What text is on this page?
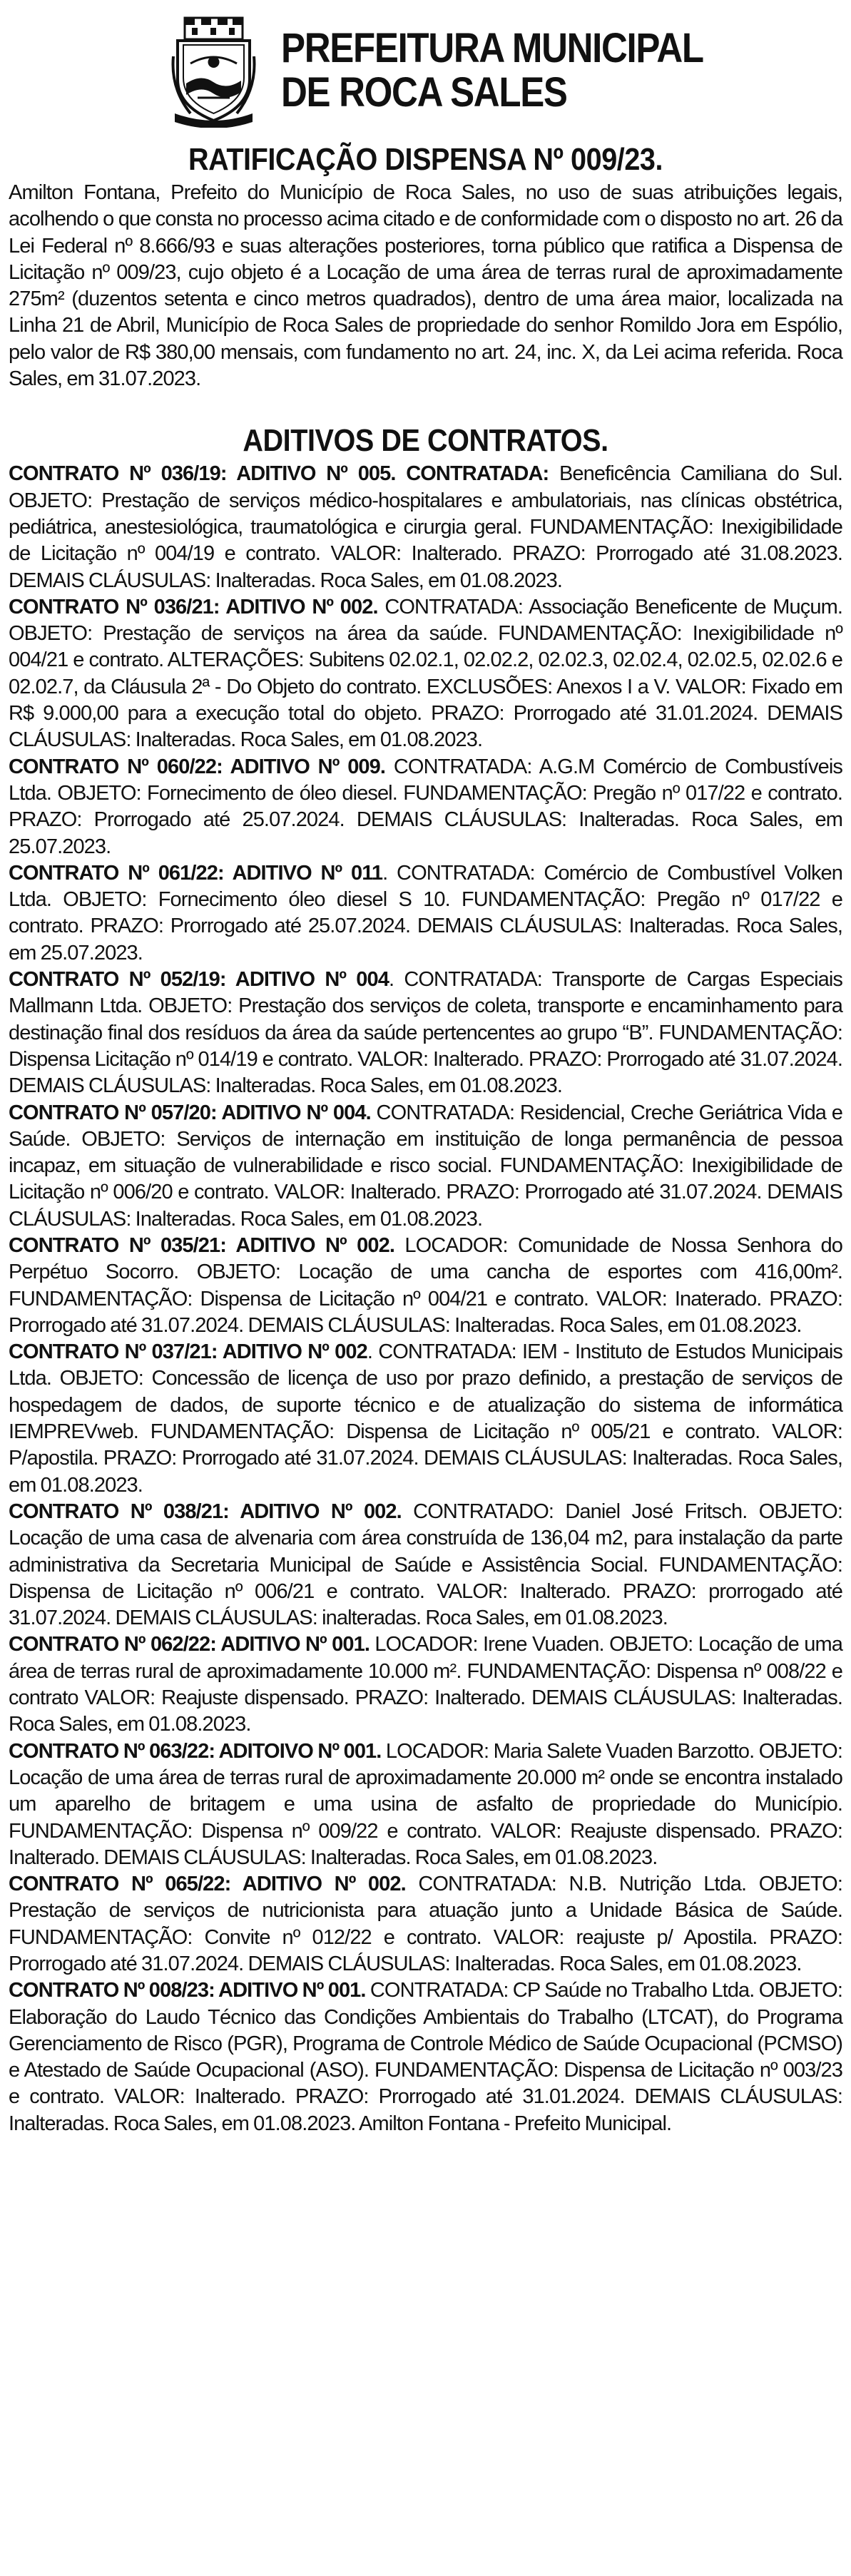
PREFEITURA MUNICIPAL
DE ROCA SALES
RATIFICAÇÃO DISPENSA Nº 009/23.
Amilton Fontana, Prefeito do Município de Roca Sales, no uso de suas atribuições legais, acolhendo o que consta no processo acima citado e de conformidade com o disposto no art. 26 da Lei Federal nº 8.666/93 e suas alterações posteriores, torna público que ratifica a Dispensa de Licitação nº 009/23, cujo objeto é a Locação de uma área de terras rural de aproximadamente 275m² (duzentos setenta e cinco metros quadrados), dentro de uma área maior, localizada na Linha 21 de Abril, Município de Roca Sales de propriedade do senhor Romildo Jora em Espólio, pelo valor de R$ 380,00 mensais, com fundamento no art. 24, inc. X, da Lei acima referida. Roca Sales, em 31.07.2023.
ADITIVOS DE CONTRATOS.
CONTRATO Nº 036/19: ADITIVO Nº 005. CONTRATADA: Beneficência Camiliana do Sul. OBJETO: Prestação de serviços médico-hospitalares e ambulatoriais, nas clínicas obstétrica, pediátrica, anestesiológica, traumatológica e cirurgia geral. FUNDAMENTAÇÃO: Inexigibilidade de Licitação nº 004/19 e contrato. VALOR: Inalterado. PRAZO: Prorrogado até 31.08.2023. DEMAIS CLÁUSULAS: Inalteradas. Roca Sales, em 01.08.2023.
CONTRATO Nº 036/21: ADITIVO Nº 002. CONTRATADA: Associação Beneficente de Muçum. OBJETO: Prestação de serviços na área da saúde. FUNDAMENTAÇÃO: Inexigibilidade nº 004/21 e contrato. ALTERAÇÕES: Subitens 02.02.1, 02.02.2, 02.02.3, 02.02.4, 02.02.5, 02.02.6 e 02.02.7, da Cláusula 2ª - Do Objeto do contrato. EXCLUSÕES: Anexos I a V. VALOR: Fixado em R$ 9.000,00 para a execução total do objeto. PRAZO: Prorrogado até 31.01.2024. DEMAIS CLÁUSULAS: Inalteradas. Roca Sales, em 01.08.2023.
CONTRATO Nº 060/22: ADITIVO Nº 009. CONTRATADA: A.G.M Comércio de Combustíveis Ltda. OBJETO: Fornecimento de óleo diesel. FUNDAMENTAÇÃO: Pregão nº 017/22 e contrato. PRAZO: Prorrogado até 25.07.2024. DEMAIS CLÁUSULAS: Inalteradas. Roca Sales, em 25.07.2023.
CONTRATO Nº 061/22: ADITIVO Nº 011. CONTRATADA: Comércio de Combustível Volken Ltda. OBJETO: Fornecimento óleo diesel S 10. FUNDAMENTAÇÃO: Pregão nº 017/22 e contrato. PRAZO: Prorrogado até 25.07.2024. DEMAIS CLÁUSULAS: Inalteradas. Roca Sales, em 25.07.2023.
CONTRATO Nº 052/19: ADITIVO Nº 004. CONTRATADA: Transporte de Cargas Especiais Mallmann Ltda. OBJETO: Prestação dos serviços de coleta, transporte e encaminhamento para destinação final dos resíduos da área da saúde pertencentes ao grupo “B”. FUNDAMENTAÇÃO: Dispensa Licitação nº 014/19 e contrato. VALOR: Inalterado. PRAZO: Prorrogado até 31.07.2024. DEMAIS CLÁUSULAS: Inalteradas. Roca Sales, em 01.08.2023.
CONTRATO Nº 057/20: ADITIVO Nº 004. CONTRATADA: Residencial, Creche Geriátrica Vida e Saúde. OBJETO: Serviços de internação em instituição de longa permanência de pessoa incapaz, em situação de vulnerabilidade e risco social. FUNDAMENTAÇÃO: Inexigibilidade de Licitação nº 006/20 e contrato. VALOR: Inalterado. PRAZO: Prorrogado até 31.07.2024. DEMAIS CLÁUSULAS: Inalteradas. Roca Sales, em 01.08.2023.
CONTRATO Nº 035/21: ADITIVO Nº 002. LOCADOR: Comunidade de Nossa Senhora do Perpétuo Socorro. OBJETO: Locação de uma cancha de esportes com 416,00m². FUNDAMENTAÇÃO: Dispensa de Licitação nº 004/21 e contrato. VALOR: Inaterado. PRAZO: Prorrogado até 31.07.2024. DEMAIS CLÁUSULAS: Inalteradas. Roca Sales, em 01.08.2023.
CONTRATO Nº 037/21: ADITIVO Nº 002. CONTRATADA: IEM - Instituto de Estudos Municipais Ltda. OBJETO: Concessão de licença de uso por prazo definido, a prestação de serviços de hospedagem de dados, de suporte técnico e de atualização do sistema de informática IEMPREVweb. FUNDAMENTAÇÃO: Dispensa de Licitação nº 005/21 e contrato. VALOR: P/apostila. PRAZO: Prorrogado até 31.07.2024. DEMAIS CLÁUSULAS: Inalteradas. Roca Sales, em 01.08.2023.
CONTRATO Nº 038/21: ADITIVO Nº 002. CONTRATADO: Daniel José Fritsch. OBJETO: Locação de uma casa de alvenaria com área construída de 136,04 m2, para instalação da parte administrativa da Secretaria Municipal de Saúde e Assistência Social. FUNDAMENTAÇÃO: Dispensa de Licitação nº 006/21 e contrato. VALOR: Inalterado. PRAZO: prorrogado até 31.07.2024. DEMAIS CLÁUSULAS: inalteradas. Roca Sales, em 01.08.2023.
CONTRATO Nº 062/22: ADITIVO Nº 001. LOCADOR: Irene Vuaden. OBJETO: Locação de uma área de terras rural de aproximadamente 10.000 m². FUNDAMENTAÇÃO: Dispensa nº 008/22 e contrato VALOR: Reajuste dispensado. PRAZO: Inalterado. DEMAIS CLÁUSULAS: Inalteradas. Roca Sales, em 01.08.2023.
CONTRATO Nº 063/22: ADITOIVO Nº 001. LOCADOR: Maria Salete Vuaden Barzotto. OBJETO: Locação de uma área de terras rural de aproximadamente 20.000 m² onde se encontra instalado um aparelho de britagem e uma usina de asfalto de propriedade do Município. FUNDAMENTAÇÃO: Dispensa nº 009/22 e contrato. VALOR: Reajuste dispensado. PRAZO: Inalterado. DEMAIS CLÁUSULAS: Inalteradas. Roca Sales, em 01.08.2023.
CONTRATO Nº 065/22: ADITIVO Nº 002. CONTRATADA: N.B. Nutrição Ltda. OBJETO: Prestação de serviços de nutricionista para atuação junto a Unidade Básica de Saúde. FUNDAMENTAÇÃO: Convite nº 012/22 e contrato. VALOR: reajuste p/ Apostila. PRAZO: Prorrogado até 31.07.2024. DEMAIS CLÁUSULAS: Inalteradas. Roca Sales, em 01.08.2023.
CONTRATO Nº 008/23: ADITIVO Nº 001. CONTRATADA: CP Saúde no Trabalho Ltda. OBJETO: Elaboração do Laudo Técnico das Condições Ambientais do Trabalho (LTCAT), do Programa Gerenciamento de Risco (PGR), Programa de Controle Médico de Saúde Ocupacional (PCMSO) e Atestado de Saúde Ocupacional (ASO). FUNDAMENTAÇÃO: Dispensa de Licitação nº 003/23 e contrato. VALOR: Inalterado. PRAZO: Prorrogado até 31.01.2024. DEMAIS CLÁUSULAS: Inalteradas. Roca Sales, em 01.08.2023. Amilton Fontana - Prefeito Municipal.
